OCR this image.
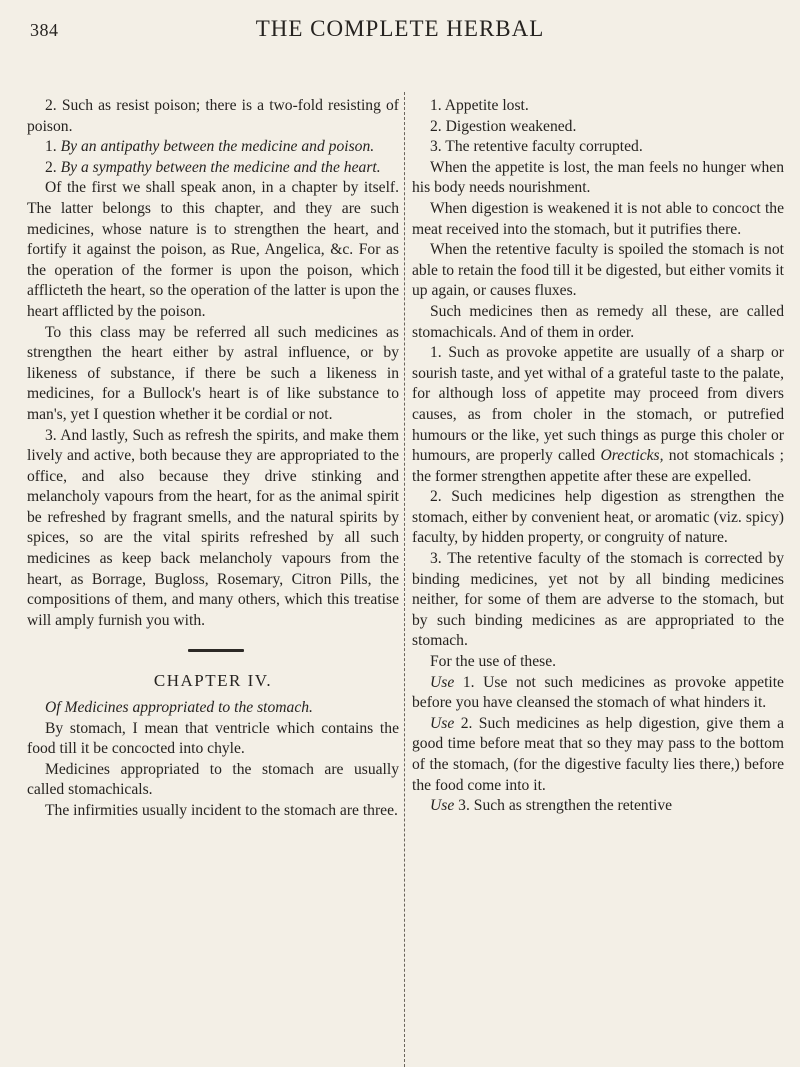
384	THE COMPLETE HERBAL

2. Such as resist poison; there is a two-fold resisting of poison.

1. By an antipathy between the medicine and poison.

2. By a sympathy between the medicine and the heart.

Of the first we shall speak anon, in a chapter by itself. The latter belongs to this chapter, and they are such medicines, whose nature is to strengthen the heart, and fortify it against the poison, as Rue, Angelica, &c. For as the operation of the former is upon the poison, which afflicteth the heart, so the operation of the latter is upon the heart afflicted by the poison.

To this class may be referred all such medicines as strengthen the heart either by astral influence, or by likeness of substance, if there be such a likeness in medicines, for a Bullock's heart is of like substance to man's, yet I question whether it be cordial or not.

3. And lastly, Such as refresh the spirits, and make them lively and active, both because they are appropriated to the office, and also because they drive stinking and melancholy vapours from the heart, for as the animal spirit be refreshed by fragrant smells, and the natural spirits by spices, so are the vital spirits refreshed by all such medicines as keep back melancholy vapours from the heart, as Borrage, Bugloss, Rosemary, Citron Pills, the compositions of them, and many others, which this treatise will amply furnish you with.

CHAPTER IV.

Of Medicines appropriated to the stomach.

By stomach, I mean that ventricle which contains the food till it be concocted into chyle.

Medicines appropriated to the stomach are usually called stomachicals.

The infirmities usually incident to the stomach are three.

1. Appetite lost.

2. Digestion weakened.

3. The retentive faculty corrupted.

When the appetite is lost, the man feels no hunger when his body needs nourishment.

When digestion is weakened it is not able to concoct the meat received into the stomach, but it putrifies there.

When the retentive faculty is spoiled the stomach is not able to retain the food till it be digested, but either vomits it up again, or causes fluxes.

Such medicines then as remedy all these, are called stomachicals. And of them in order.

1. Such as provoke appetite are usually of a sharp or sourish taste, and yet withal of a grateful taste to the palate, for although loss of appetite may proceed from divers causes, as from choler in the stomach, or putrefied humours or the like, yet such things as purge this choler or humours, are properly called Orecticks, not stomachicals ; the former strengthen appetite after these are expelled.

2. Such medicines help digestion as strengthen the stomach, either by convenient heat, or aromatic (viz. spicy) faculty, by hidden property, or congruity of nature.

3. The retentive faculty of the stomach is corrected by binding medicines, yet not by all binding medicines neither, for some of them are adverse to the stomach, but by such binding medicines as are appropriated to the stomach.

For the use of these.

Use 1. Use not such medicines as provoke appetite before you have cleansed the stomach of what hinders it.

Use 2. Such medicines as help digestion, give them a good time before meat that so they may pass to the bottom of the stomach, (for the digestive faculty lies there,) before the food come into it.

Use 3. Such as strengthen the retentive
